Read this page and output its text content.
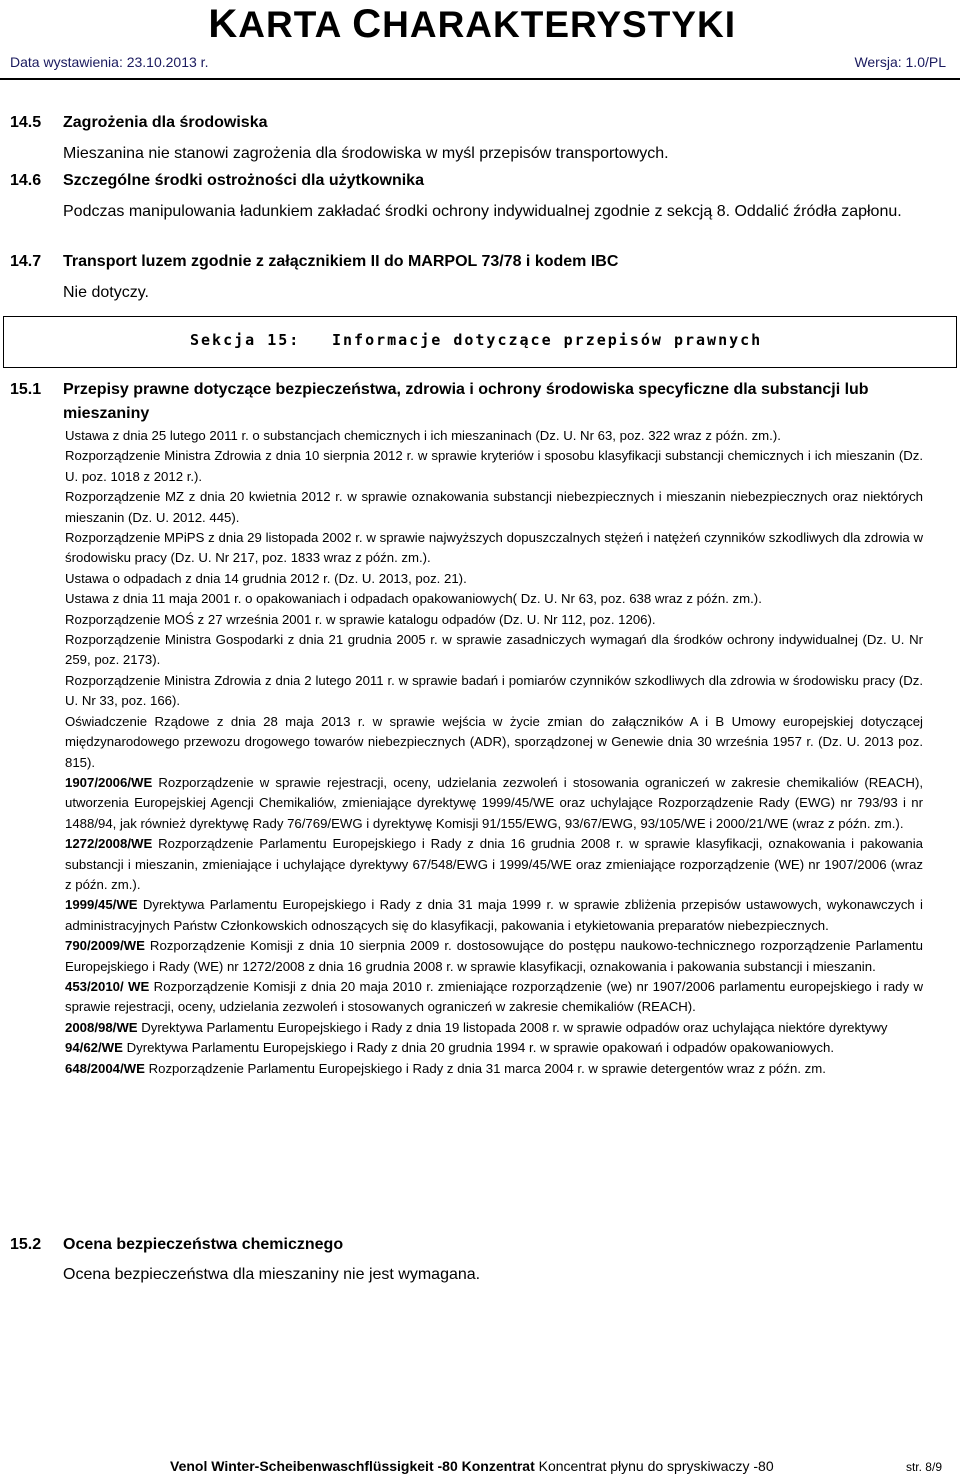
KARTA CHARAKTERYSTYKI
Data wystawienia: 23.10.2013 r.	Wersja: 1.0/PL
14.5 Zagrożenia dla środowiska
Mieszanina nie stanowi zagrożenia dla środowiska w myśl przepisów transportowych.
14.6 Szczególne środki ostrożności dla użytkownika
Podczas manipulowania ładunkiem zakładać środki ochrony indywidualnej zgodnie z sekcją 8. Oddalić źródła zapłonu.
14.7 Transport luzem zgodnie z załącznikiem II do MARPOL 73/78 i kodem IBC
Nie dotyczy.
Sekcja 15: Informacje dotyczące przepisów prawnych
15.1	Przepisy prawne dotyczące bezpieczeństwa, zdrowia i ochrony środowiska specyficzne dla substancji lub mieszaniny

Ustawa z dnia 25 lutego 2011 r. o substancjach chemicznych i ich mieszaninach (Dz. U. Nr 63, poz. 322 wraz z późn. zm.).

Rozporządzenie Ministra Zdrowia z dnia 10 sierpnia 2012 r. w sprawie kryteriów i sposobu klasyfikacji substancji chemicznych i ich mieszanin (Dz. U. poz. 1018 z 2012 r.).

Rozporządzenie MZ z dnia 20 kwietnia 2012 r. w sprawie oznakowania substancji niebezpiecznych i mieszanin niebezpiecznych oraz niektórych mieszanin (Dz. U. 2012. 445).

Rozporządzenie MPiPS z dnia 29 listopada 2002 r. w sprawie najwyższych dopuszczalnych stężeń i natężeń czynników szkodliwych dla zdrowia w środowisku pracy (Dz. U. Nr 217, poz. 1833 wraz z późn. zm.).

Ustawa o odpadach z dnia 14 grudnia 2012 r. (Dz. U. 2013, poz. 21).

Ustawa z dnia 11 maja 2001 r. o opakowaniach i odpadach opakowaniowych( Dz. U. Nr 63, poz. 638 wraz z późn. zm.).

Rozporządzenie MOŚ z 27 września 2001 r. w sprawie katalogu odpadów (Dz. U. Nr 112, poz. 1206).

Rozporządzenie Ministra Gospodarki z dnia 21 grudnia 2005 r. w sprawie zasadniczych wymagań dla środków ochrony indywidualnej (Dz. U. Nr 259, poz. 2173).

Rozporządzenie Ministra Zdrowia z dnia 2 lutego 2011 r. w sprawie badań i pomiarów czynników szkodliwych dla zdrowia w środowisku pracy (Dz. U. Nr 33, poz. 166).

Oświadczenie Rządowe z dnia 28 maja 2013 r. w sprawie wejścia w życie zmian do załączników A i B Umowy europejskiej dotyczącej międzynarodowego przewozu drogowego towarów niebezpiecznych (ADR), sporządzonej w Genewie dnia 30 września 1957 r. (Dz. U. 2013 poz. 815).

1907/2006/WE Rozporządzenie w sprawie rejestracji, oceny, udzielania zezwoleń i stosowania ograniczeń w zakresie chemikaliów (REACH), utworzenia Europejskiej Agencji Chemikaliów, zmieniające dyrektywę 1999/45/WE oraz uchylające Rozporządzenie Rady (EWG) nr 793/93 i nr 1488/94, jak również dyrektywę Rady 76/769/EWG i dyrektywę Komisji 91/155/EWG, 93/67/EWG, 93/105/WE i 2000/21/WE (wraz z późn. zm.).

1272/2008/WE Rozporządzenie Parlamentu Europejskiego i Rady z dnia 16 grudnia 2008 r. w sprawie klasyfikacji, oznakowania i pakowania substancji i mieszanin, zmieniające i uchylające dyrektywy 67/548/EWG i 1999/45/WE oraz zmieniające rozporządzenie (WE) nr 1907/2006 (wraz z późn. zm.).

1999/45/WE Dyrektywa Parlamentu Europejskiego i Rady z dnia 31 maja 1999 r. w sprawie zbliżenia przepisów ustawowych, wykonawczych i administracyjnych Państw Członkowskich odnoszących się do klasyfikacji, pakowania i etykietowania preparatów niebezpiecznych.

790/2009/WE Rozporządzenie Komisji z dnia 10 sierpnia 2009 r. dostosowujące do postępu naukowo-technicznego rozporządzenie Parlamentu Europejskiego i Rady (WE) nr 1272/2008 z dnia 16 grudnia 2008 r. w sprawie klasyfikacji, oznakowania i pakowania substancji i mieszanin.

453/2010/ WE Rozporządzenie Komisji z dnia 20 maja 2010 r. zmieniające rozporządzenie (we) nr 1907/2006 parlamentu europejskiego i rady w sprawie rejestracji, oceny, udzielania zezwoleń i stosowanych ograniczeń w zakresie chemikaliów (REACH).

2008/98/WE Dyrektywa Parlamentu Europejskiego i Rady z dnia 19 listopada 2008 r. w sprawie odpadów oraz uchylająca niektóre dyrektywy

94/62/WE Dyrektywa Parlamentu Europejskiego i Rady z dnia 20 grudnia 1994 r. w sprawie opakowań i odpadów opakowaniowych.

648/2004/WE Rozporządzenie Parlamentu Europejskiego i Rady z dnia 31 marca 2004 r. w sprawie detergentów wraz z późn. zm.

15.2 Ocena bezpieczeństwa chemicznego
Ocena bezpieczeństwa dla mieszaniny nie jest wymagana.
Venol Winter-Scheibenwaschflüssigkeit -80 Konzentrat Koncentrat płynu do spryskiwaczy -80	str. 8/9
